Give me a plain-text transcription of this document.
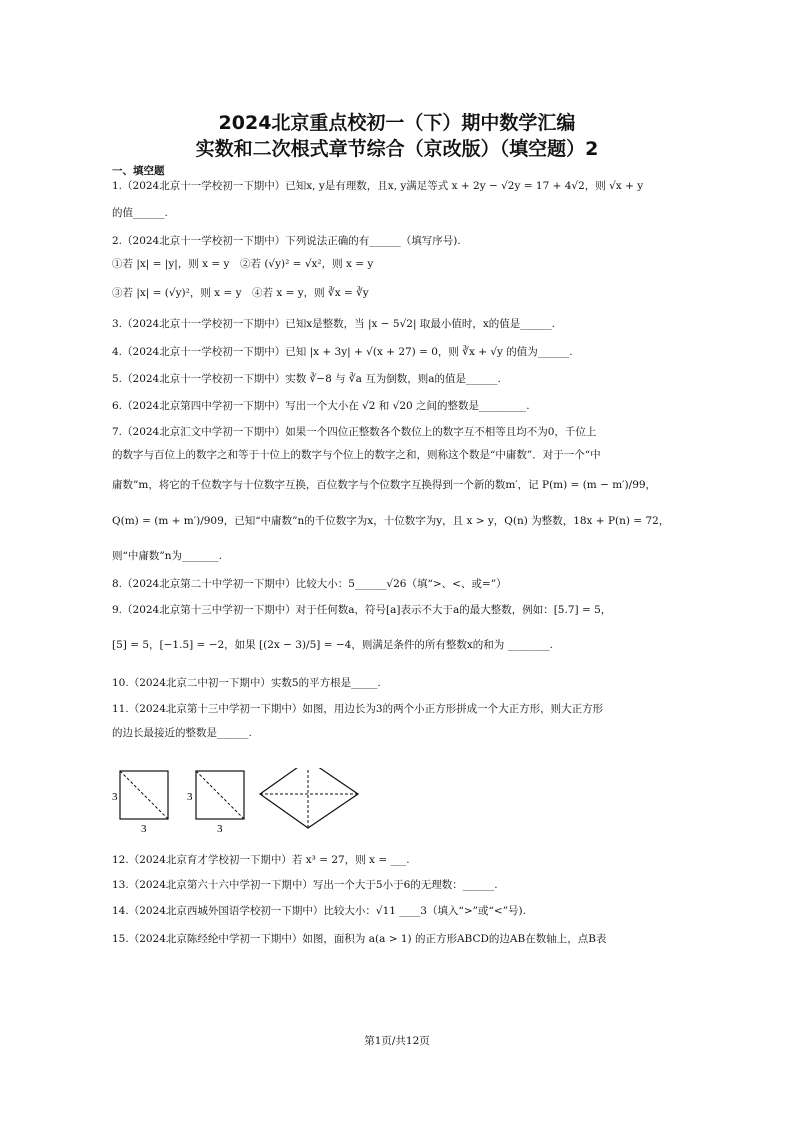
2024北京重点校初一（下）期中数学汇编
实数和二次根式章节综合（京改版）（填空题）2
一、填空题
1.（2024北京十一学校初一下期中）已知x, y是有理数，且x, y满足等式 x + 2y − √2y = 17 + 4√2，则 √x + y
的值______.
2.（2024北京十一学校初一下期中）下列说法正确的有______（填写序号).
①若 |x| = |y|，则 x = y　②若 (√y)² = √x²，则 x = y
③若 |x| = (√y)²，则 x = y　④若 x = y，则 ∛x = ∛y
3.（2024北京十一学校初一下期中）已知x是整数，当 |x − 5√2| 取最小值时，x的值是______.
4.（2024北京十一学校初一下期中）已知 |x + 3y| + √(x + 27) = 0，则 ∛x + √y 的值为______.
5.（2024北京十一学校初一下期中）实数 ∛−8 与 ∛a 互为倒数，则a的值是______.
6.（2024北京第四中学初一下期中）写出一个大小在 √2 和 √20 之间的整数是_________.
7.（2024北京汇文中学初一下期中）如果一个四位正整数各个数位上的数字互不相等且均不为0，千位上
的数字与百位上的数字之和等于十位上的数字与个位上的数字之和，则称这个数是“中庸数”．对于一个“中
庸数”m，将它的千位数字与十位数字互换，百位数字与个位数字互换得到一个新的数m′，记 P(m) = (m − m′)/99，
Q(m) = (m + m′)/909，已知“中庸数”n的千位数字为x，十位数字为y，且 x > y，Q(n) 为整数，18x + P(n) = 72，
则“中庸数”n为_______.
8.（2024北京第二十中学初一下期中）比较大小：5______√26（填“>、<、或=”）
9.（2024北京第十三中学初一下期中）对于任何数a，符号[a]表示不大于a的最大整数，例如：[5.7] = 5，
[5] = 5，[−1.5] = −2，如果 [(2x − 3)/5] = −4，则满足条件的所有整数x的和为 ________.
10.（2024北京二中初一下期中）实数5的平方根是_____.
11.（2024北京第十三中学初一下期中）如图，用边长为3的两个小正方形拼成一个大正方形，则大正方形
的边长最接近的整数是______.
3
3
3
3
12.（2024北京育才学校初一下期中）若 x³ = 27，则 x = ___.
13.（2024北京第六十六中学初一下期中）写出一个大于5小于6的无理数：______.
14.（2024北京西城外国语学校初一下期中）比较大小：√11 ____3（填入“>”或“<”号).
15.（2024北京陈经纶中学初一下期中）如图，面积为 a(a > 1) 的正方形ABCD的边AB在数轴上，点B表
第1页/共12页
